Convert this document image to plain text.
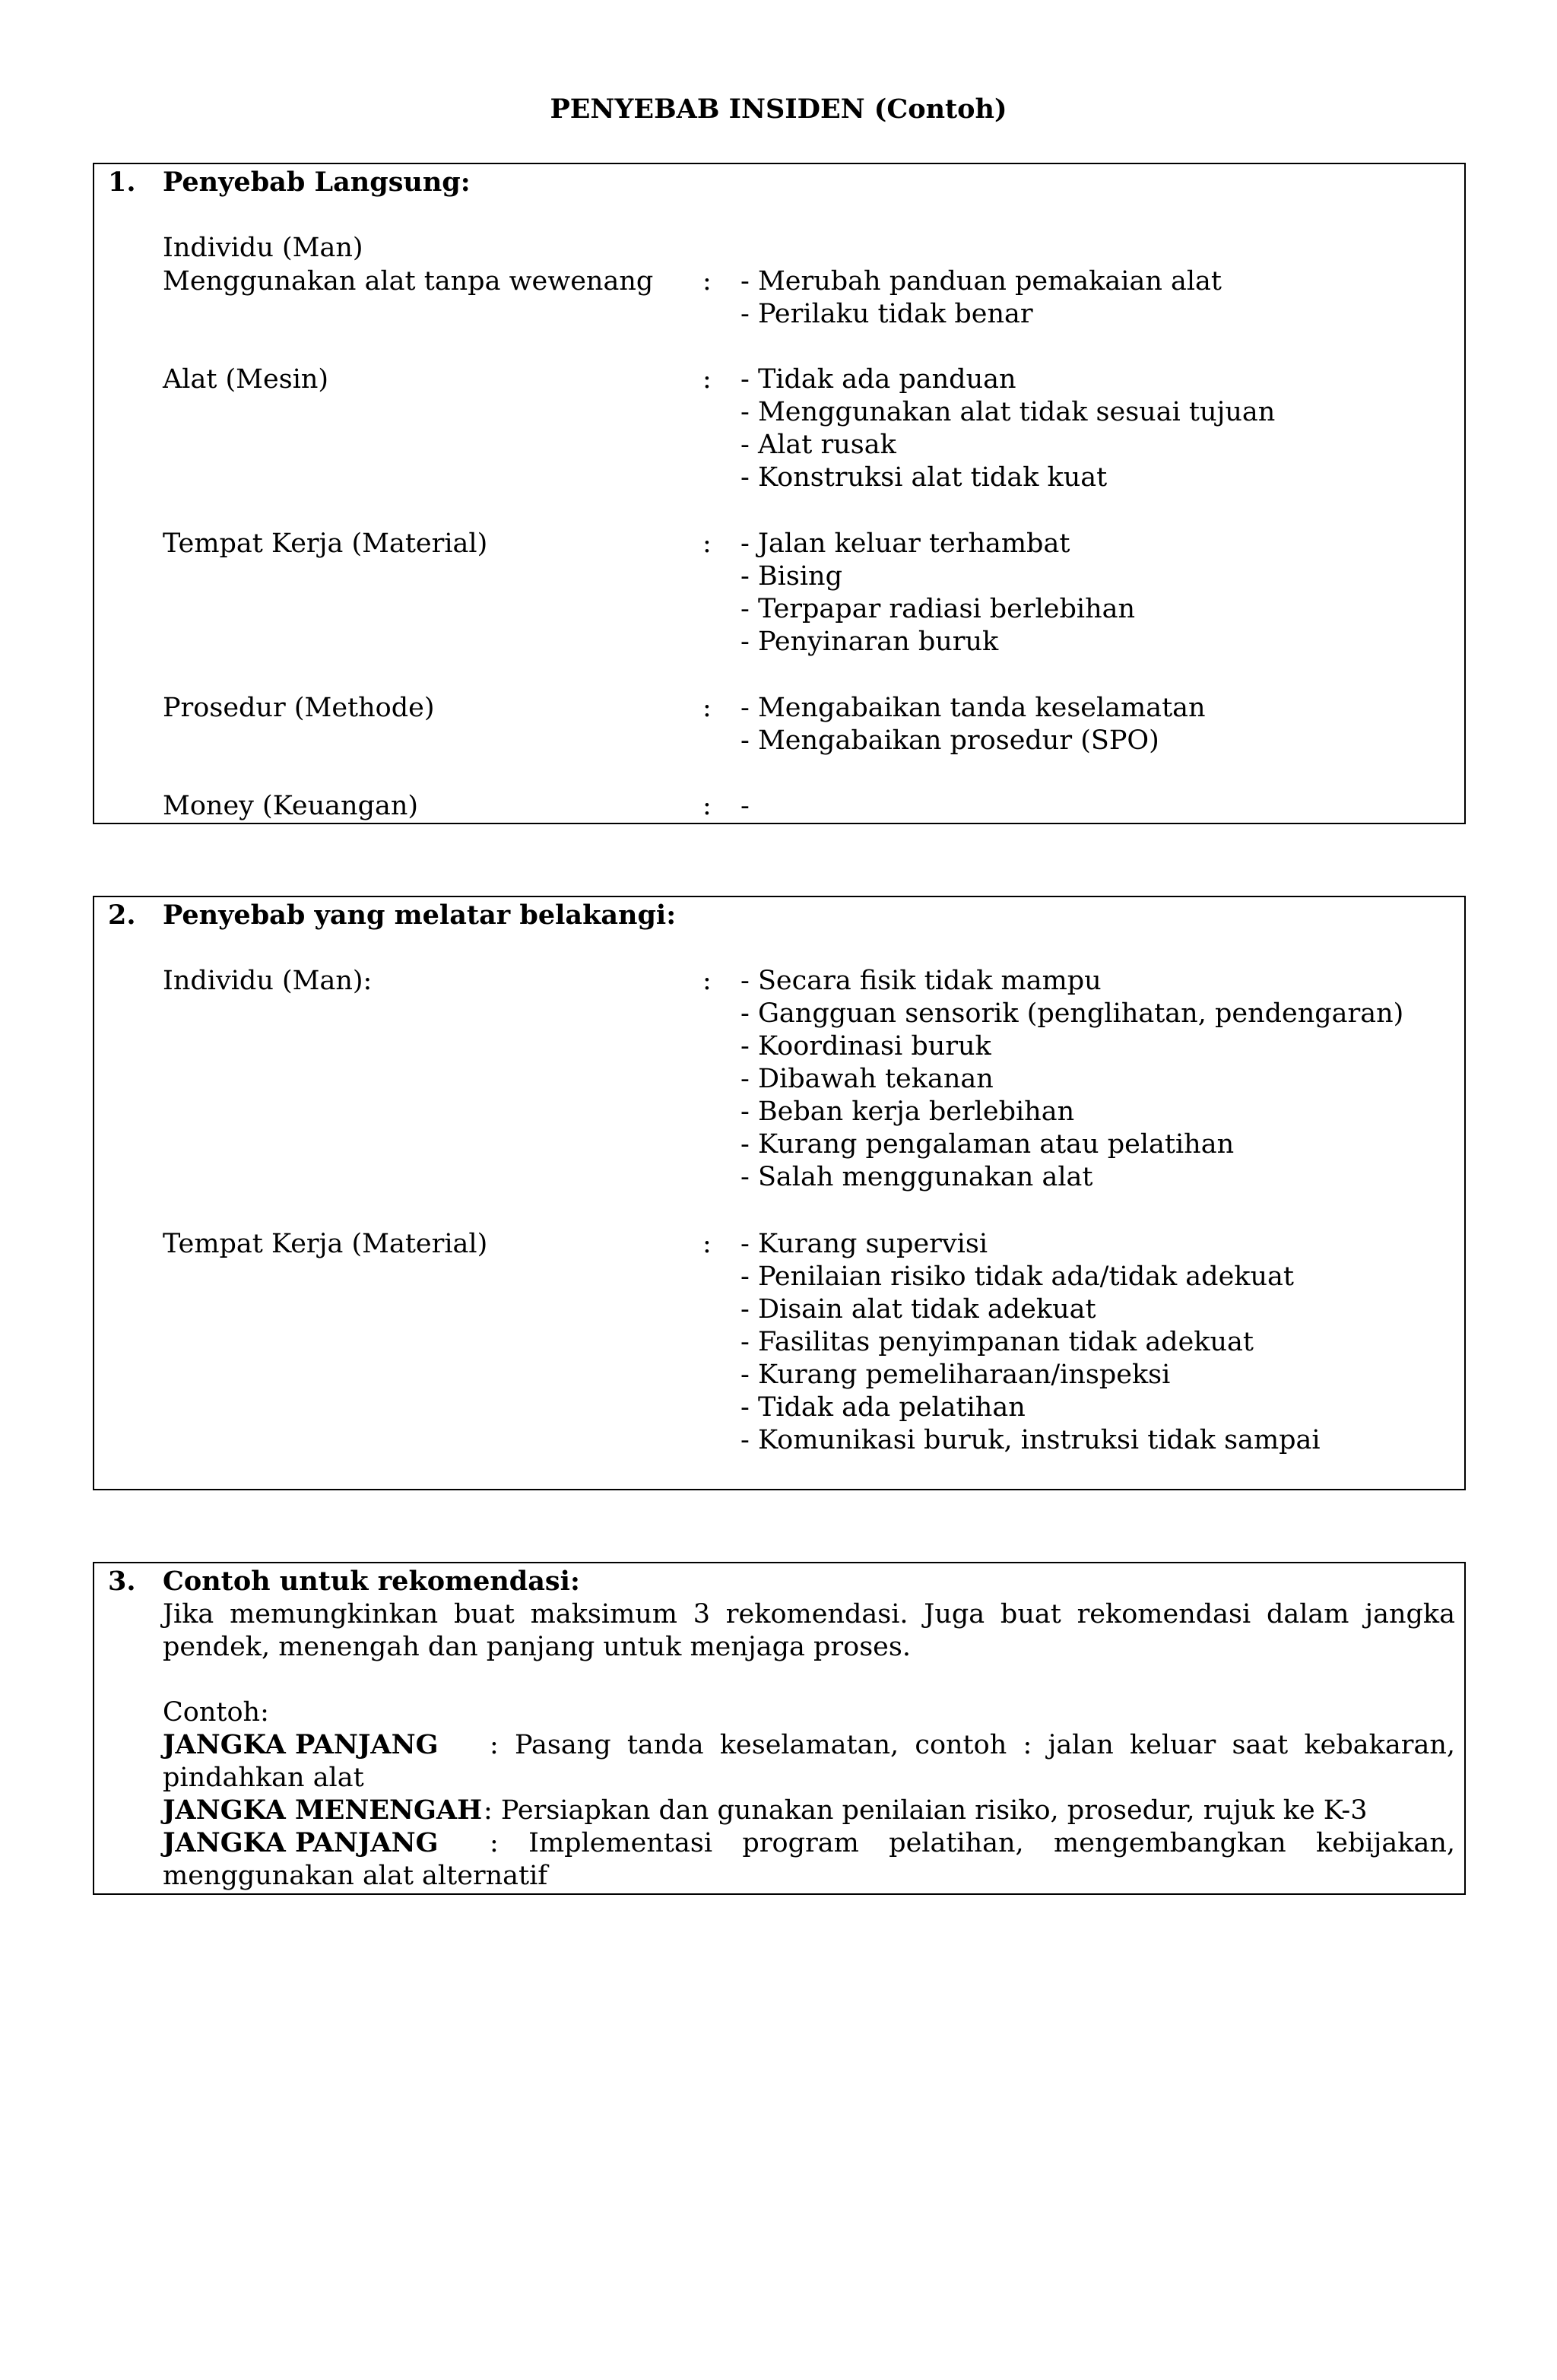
PENYEBAB INSIDEN (Contoh)
1. Penyebab Langsung:
Individu (Man)
Menggunakan alat tanpa wewenang : - Merubah panduan pemakaian alat
- Perilaku tidak benar
Alat (Mesin)	: - Tidak ada panduan
- Menggunakan alat tidak sesuai tujuan
- Alat rusak
- Konstruksi alat tidak kuat
Tempat Kerja (Material)	: - Jalan keluar terhambat
- Bising
- Terpapar radiasi berlebihan
- Penyinaran buruk
Prosedur (Methode)	: - Mengabaikan tanda keselamatan
- Mengabaikan prosedur (SPO)
Money (Keuangan)	: -
2. Penyebab yang melatar belakangi:
Individu (Man):	: - Secara fisik tidak mampu
- Gangguan sensorik (penglihatan, pendengaran)
- Koordinasi buruk
- Dibawah tekanan
- Beban kerja berlebihan
- Kurang pengalaman atau pelatihan
- Salah menggunakan alat
Tempat Kerja (Material)	: - Kurang supervisi
- Penilaian risiko tidak ada/tidak adekuat
- Disain alat tidak adekuat
- Fasilitas penyimpanan tidak adekuat
- Kurang pemeliharaan/inspeksi
- Tidak ada pelatihan
- Komunikasi buruk, instruksi tidak sampai
3. Contoh untuk rekomendasi:
Jika memungkinkan buat maksimum 3 rekomendasi. Juga buat rekomendasi dalam jangka
pendek, menengah dan panjang untuk menjaga proses.
Contoh:
JANGKA PANJANG : Pasang tanda keselamatan, contoh : jalan keluar saat kebakaran,
pindahkan alat
JANGKA MENENGAH : Persiapkan dan gunakan penilaian risiko, prosedur, rujuk ke K-3
JANGKA PANJANG : Implementasi program pelatihan, mengembangkan kebijakan,
menggunakan alat alternatif
